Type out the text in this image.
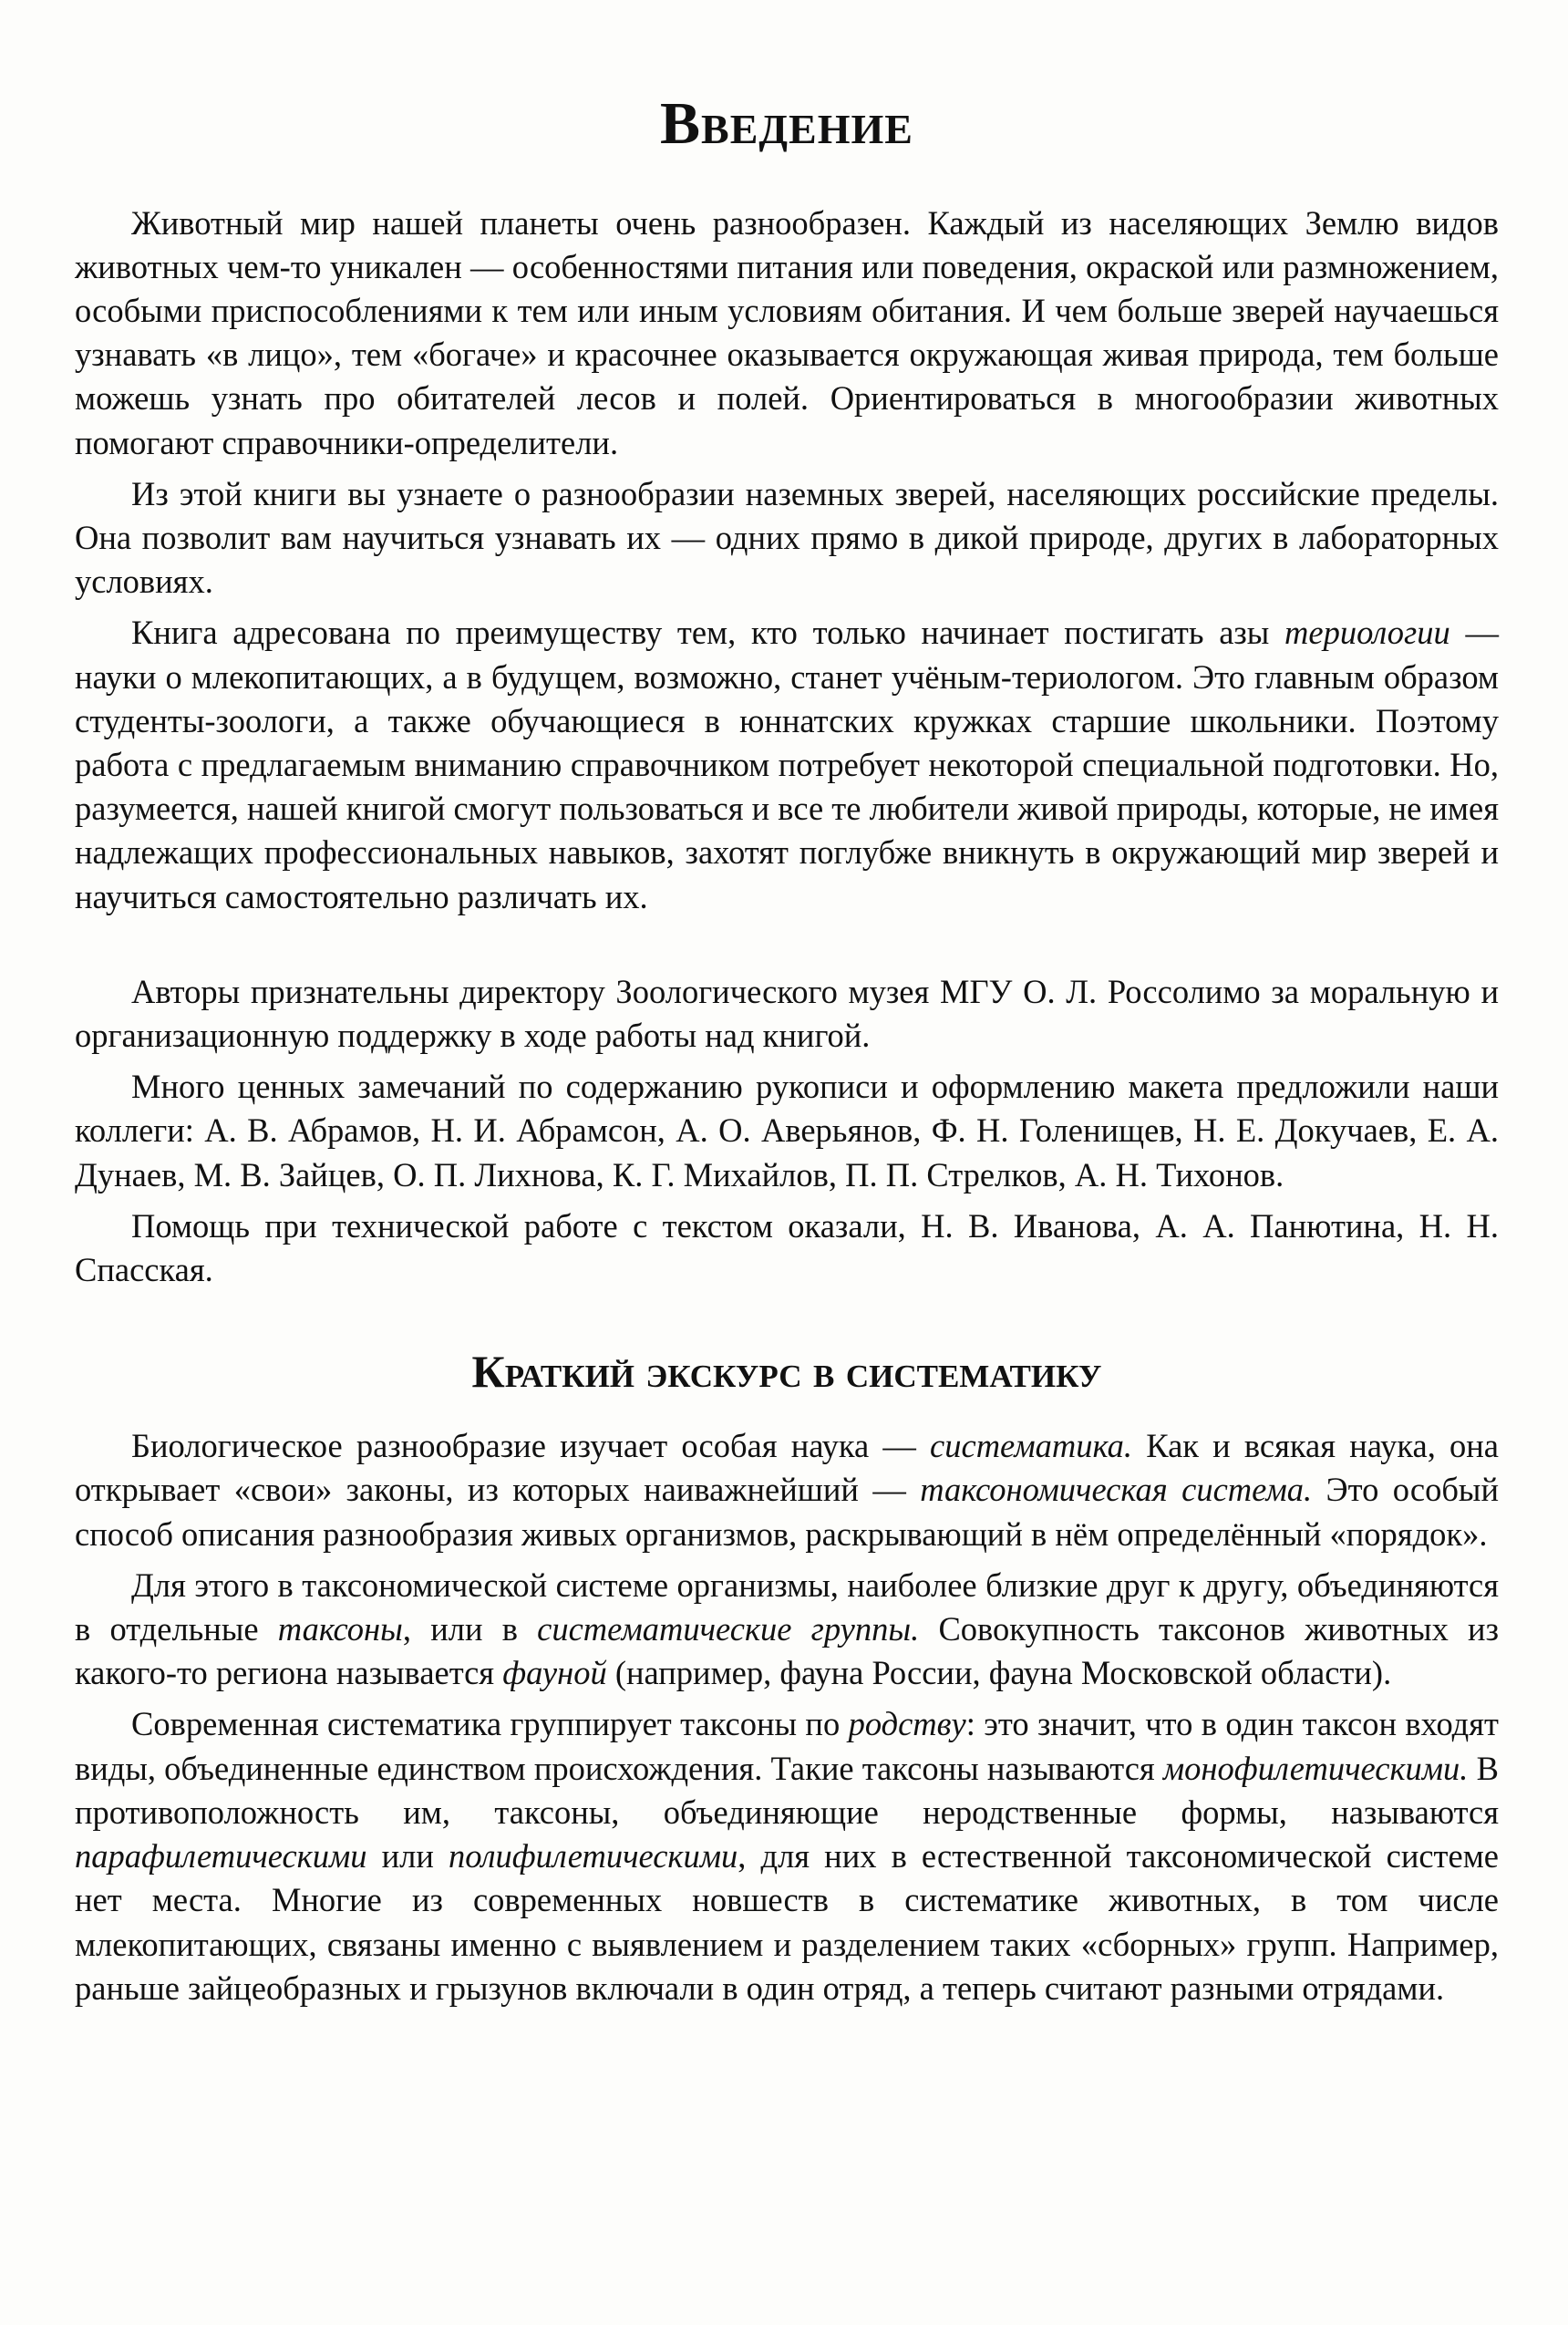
Введение

Животный мир нашей планеты очень разнообразен. Каждый из населяющих Землю видов животных чем-то уникален — особенностями питания или поведения, окраской или размножением, особыми приспособлениями к тем или иным условиям обитания. И чем больше зверей научаешься узнавать «в лицо», тем «богаче» и красочнее оказывается окружающая живая природа, тем больше можешь узнать про обитателей лесов и полей. Ориентироваться в многообразии животных помогают справочники-определители.

Из этой книги вы узнаете о разнообразии наземных зверей, населяющих российские пределы. Она позволит вам научиться узнавать их — одних прямо в дикой природе, других в лабораторных условиях.

Книга адресована по преимуществу тем, кто только начинает постигать азы териологии — науки о млекопитающих, а в будущем, возможно, станет учёным-териологом. Это главным образом студенты-зоологи, а также обучающиеся в юннатских кружках старшие школьники. Поэтому работа с предлагаемым вниманию справочником потребует некоторой специальной подготовки. Но, разумеется, нашей книгой смогут пользоваться и все те любители живой природы, которые, не имея надлежащих профессиональных навыков, захотят поглубже вникнуть в окружающий мир зверей и научиться самостоятельно различать их.

Авторы признательны директору Зоологического музея МГУ О. Л. Россолимо за моральную и организационную поддержку в ходе работы над книгой.

Много ценных замечаний по содержанию рукописи и оформлению макета предложили наши коллеги: А. В. Абрамов, Н. И. Абрамсон, А. О. Аверьянов, Ф. Н. Голенищев, Н. Е. Докучаев, Е. А. Дунаев, М. В. Зайцев, О. П. Лихнова, К. Г. Михайлов, П. П. Стрелков, А. Н. Тихонов.

Помощь при технической работе с текстом оказали, Н. В. Иванова, А. А. Панютина, Н. Н. Спасская.

Краткий экскурс в систематику

Биологическое разнообразие изучает особая наука — систематика. Как и всякая наука, она открывает «свои» законы, из которых наиважнейший — таксономическая система. Это особый способ описания разнообразия живых организмов, раскрывающий в нём определённый «порядок».

Для этого в таксономической системе организмы, наиболее близкие друг к другу, объединяются в отдельные таксоны, или в систематические группы. Совокупность таксонов животных из какого-то региона называется фауной (например, фауна России, фауна Московской области).

Современная систематика группирует таксоны по родству: это значит, что в один таксон входят виды, объединенные единством происхождения. Такие таксоны называются монофилетическими. В противоположность им, таксоны, объединяющие неродственные формы, называются парафилетическими или полифилетическими, для них в естественной таксономической системе нет места. Многие из современных новшеств в систематике животных, в том числе млекопитающих, связаны именно с выявлением и разделением таких «сборных» групп. Например, раньше зайцеобразных и грызунов включали в один отряд, а теперь считают разными отрядами.
